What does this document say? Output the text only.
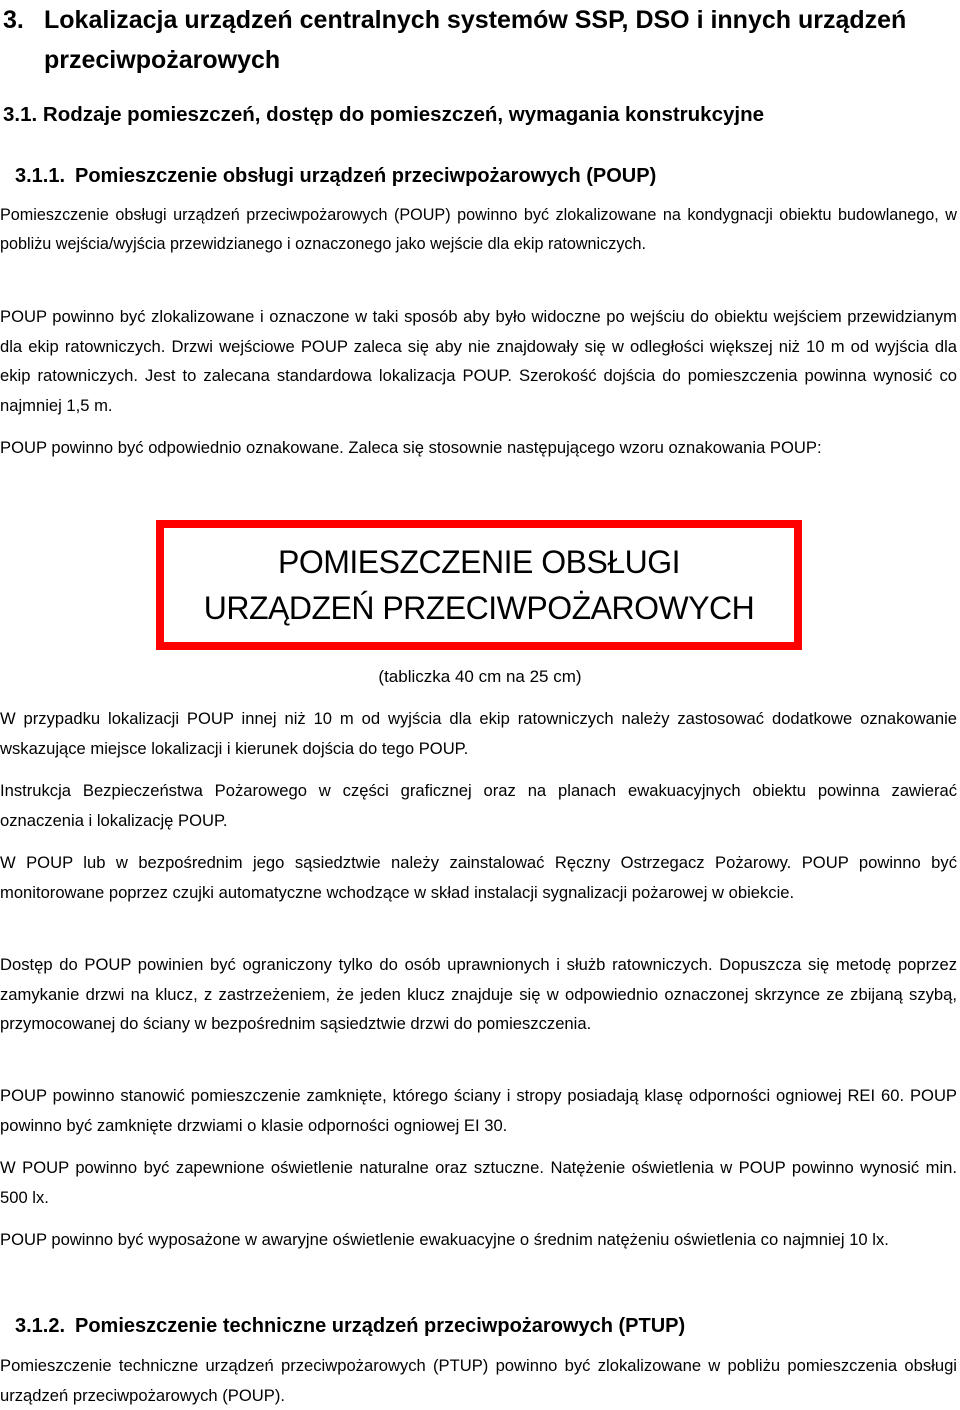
3. Lokalizacja urządzeń centralnych systemów SSP, DSO i innych urządzeń przeciwpożarowych
3.1. Rodzaje pomieszczeń, dostęp do pomieszczeń, wymagania konstrukcyjne
3.1.1. Pomieszczenie obsługi urządzeń przeciwpożarowych (POUP)

Pomieszczenie obsługi urządzeń przeciwpożarowych (POUP) powinno być zlokalizowane na kondygnacji obiektu budowlanego, w pobliżu wejścia/wyjścia przewidzianego i oznaczonego jako wejście dla ekip ratowniczych.

POUP powinno być zlokalizowane i oznaczone w taki sposób aby było widoczne po wejściu do obiektu wejściem przewidzianym dla ekip ratowniczych. Drzwi wejściowe POUP zaleca się aby nie znajdowały się w odległości większej niż 10 m od wyjścia dla ekip ratowniczych. Jest to zalecana standardowa lokalizacja POUP. Szerokość dojścia do pomieszczenia powinna wynosić co najmniej 1,5 m.

POUP powinno być odpowiednio oznakowane. Zaleca się stosownie następującego wzoru oznakowania POUP:

POMIESZCZENIE OBSŁUGI
URZĄDZEŃ PRZECIWPOŻAROWYCH
(tabliczka 40 cm na 25 cm)

W przypadku lokalizacji POUP innej niż 10 m od wyjścia dla ekip ratowniczych należy zastosować dodatkowe oznakowanie wskazujące miejsce lokalizacji i kierunek dojścia do tego POUP.

Instrukcja Bezpieczeństwa Pożarowego w części graficznej oraz na planach ewakuacyjnych obiektu powinna zawierać oznaczenia i lokalizację POUP.

W POUP lub w bezpośrednim jego sąsiedztwie należy zainstalować Ręczny Ostrzegacz Pożarowy. POUP powinno być monitorowane poprzez czujki automatyczne wchodzące w skład instalacji sygnalizacji pożarowej w obiekcie.

Dostęp do POUP powinien być ograniczony tylko do osób uprawnionych i służb ratowniczych. Dopuszcza się metodę poprzez zamykanie drzwi na klucz, z zastrzeżeniem, że jeden klucz znajduje się w odpowiednio oznaczonej skrzynce ze zbijaną szybą, przymocowanej do ściany w bezpośrednim sąsiedztwie drzwi do pomieszczenia.

POUP powinno stanowić pomieszczenie zamknięte, którego ściany i stropy posiadają klasę odporności ogniowej REI 60. POUP powinno być zamknięte drzwiami o klasie odporności ogniowej EI 30.

W POUP powinno być zapewnione oświetlenie naturalne oraz sztuczne. Natężenie oświetlenia w POUP powinno wynosić min. 500 lx.

POUP powinno być wyposażone w awaryjne oświetlenie ewakuacyjne o średnim natężeniu oświetlenia co najmniej 10 lx.

3.1.2. Pomieszczenie techniczne urządzeń przeciwpożarowych (PTUP)

Pomieszczenie techniczne urządzeń przeciwpożarowych (PTUP) powinno być zlokalizowane w pobliżu pomieszczenia obsługi urządzeń przeciwpożarowych (POUP).
